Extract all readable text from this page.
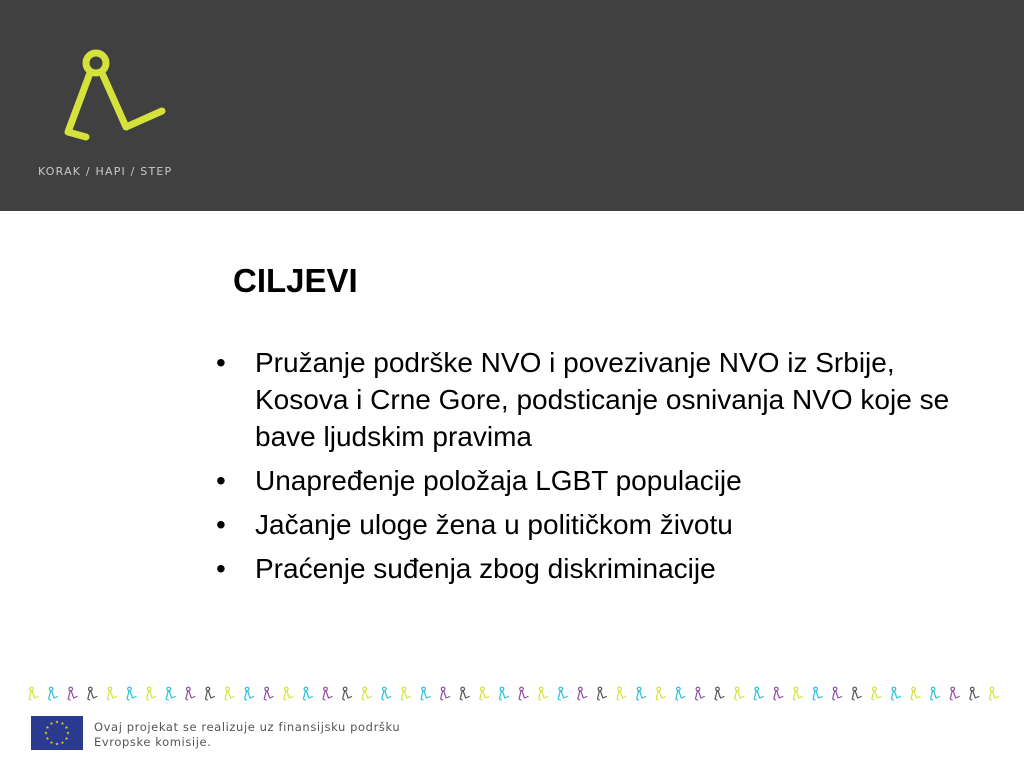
KORAK / HAPI / STEP
CILJEVI
• Pružanje podrške NVO i povezivanje NVO iz Srbije, Kosova i Crne Gore, podsticanje osnivanja NVO koje se bave ljudskim pravima
• Unapređenje položaja LGBT populacije
• Jačanje uloge žena u političkom životu
• Praćenje suđenja zbog diskriminacije
Ovaj projekat se realizuje uz finansijsku podršku
Evropske komisije.
